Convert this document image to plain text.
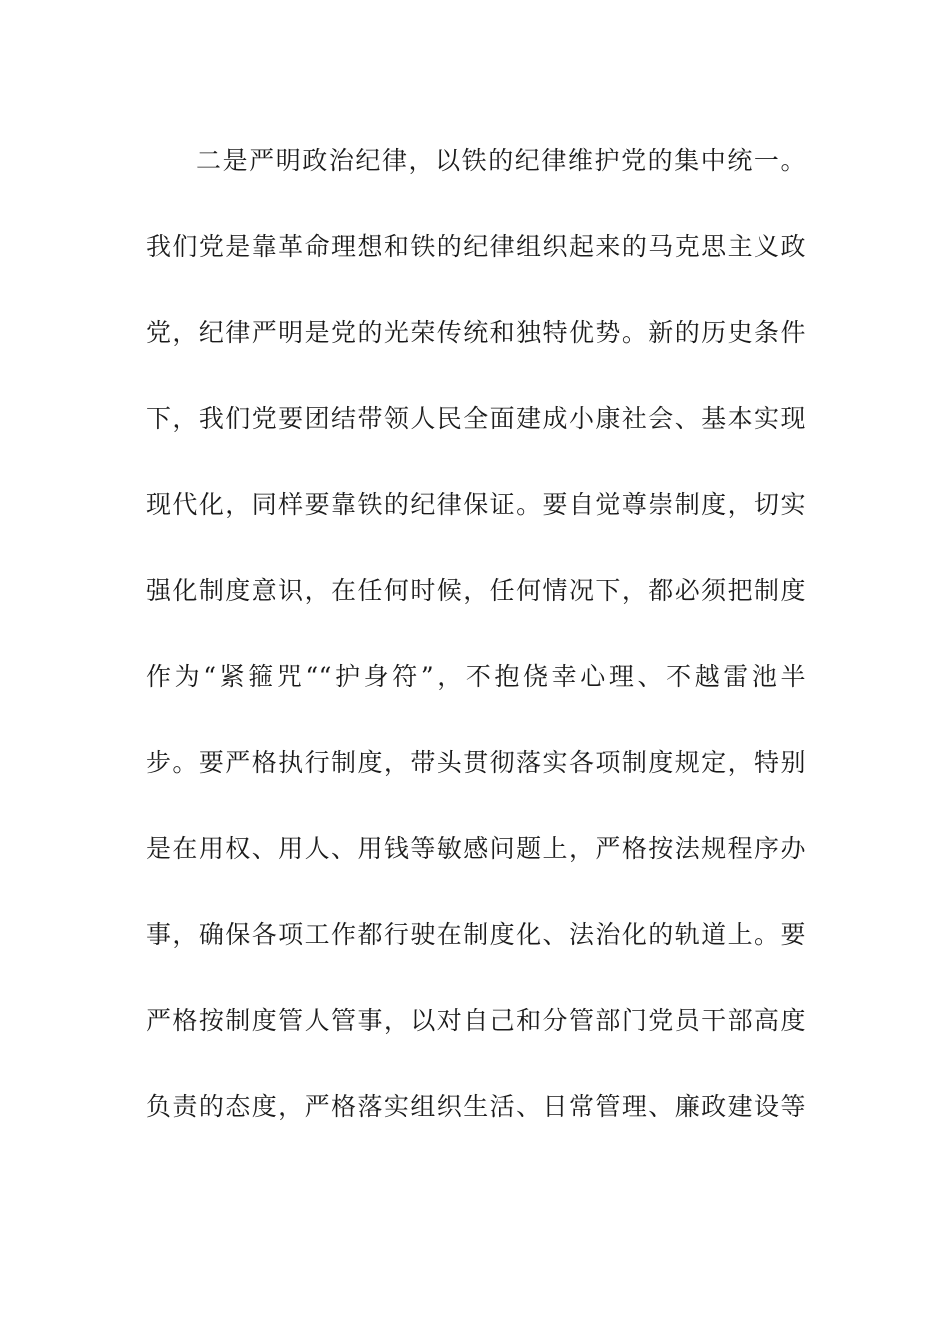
二是严明政治纪律，以铁的纪律维护党的集中统一。
我们党是靠革命理想和铁的纪律组织起来的马克思主义政
党，纪律严明是党的光荣传统和独特优势。新的历史条件
下，我们党要团结带领人民全面建成小康社会、基本实现
现代化，同样要靠铁的纪律保证。要自觉尊崇制度，切实
强化制度意识，在任何时候，任何情况下，都必须把制度
作为“紧箍咒““护身符”，不抱侥幸心理、不越雷池半
步。要严格执行制度，带头贯彻落实各项制度规定，特别
是在用权、用人、用钱等敏感问题上，严格按法规程序办
事，确保各项工作都行驶在制度化、法治化的轨道上。要
严格按制度管人管事，以对自己和分管部门党员干部高度
负责的态度，严格落实组织生活、日常管理、廉政建设等
